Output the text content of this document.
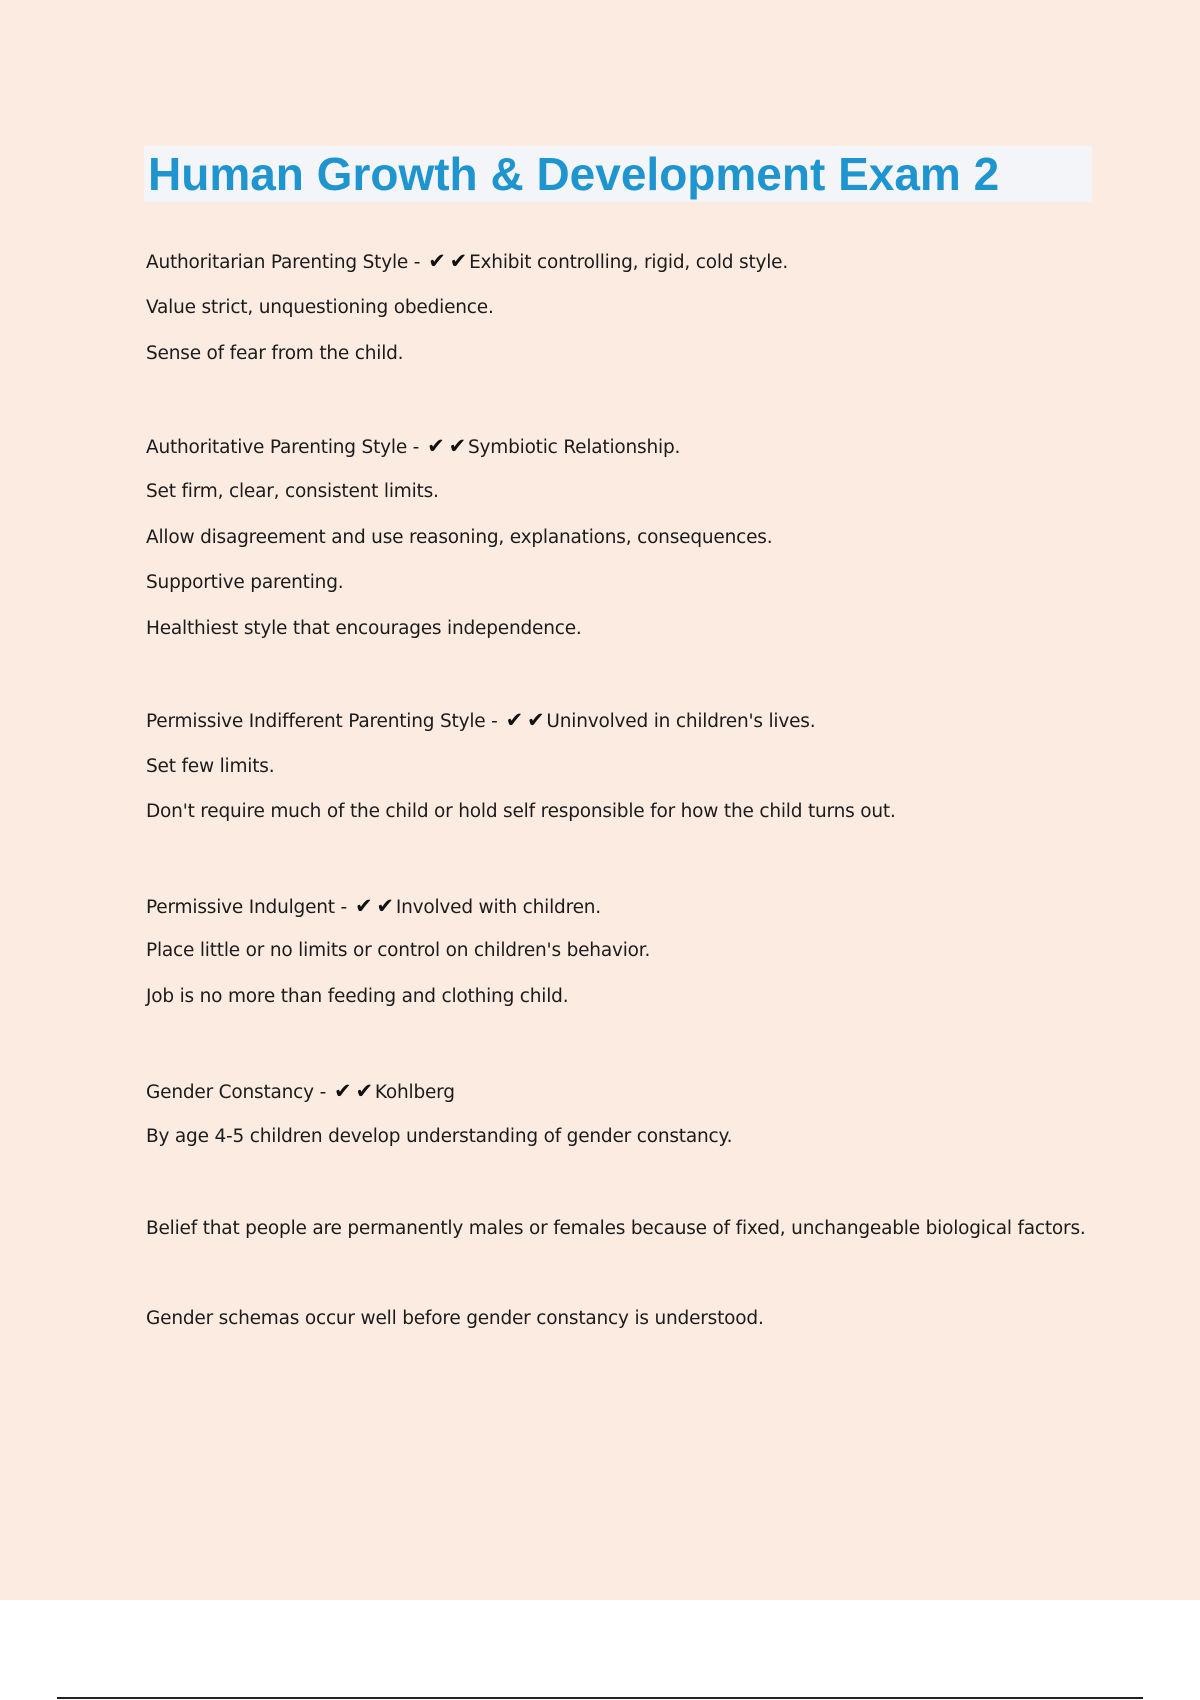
Human Growth & Development Exam 2

Authoritarian Parenting Style - ✔ ✔ Exhibit controlling, rigid, cold style.

Value strict, unquestioning obedience.

Sense of fear from the child.

Authoritative Parenting Style - ✔ ✔ Symbiotic Relationship.

Set firm, clear, consistent limits.

Allow disagreement and use reasoning, explanations, consequences.

Supportive parenting.

Healthiest style that encourages independence.

Permissive Indifferent Parenting Style - ✔ ✔ Uninvolved in children's lives.

Set few limits.

Don't require much of the child or hold self responsible for how the child turns out.

Permissive Indulgent - ✔ ✔ Involved with children.

Place little or no limits or control on children's behavior.

Job is no more than feeding and clothing child.

Gender Constancy - ✔ ✔ Kohlberg

By age 4-5 children develop understanding of gender constancy.

Belief that people are permanently males or females because of fixed, unchangeable biological factors.

Gender schemas occur well before gender constancy is understood.
